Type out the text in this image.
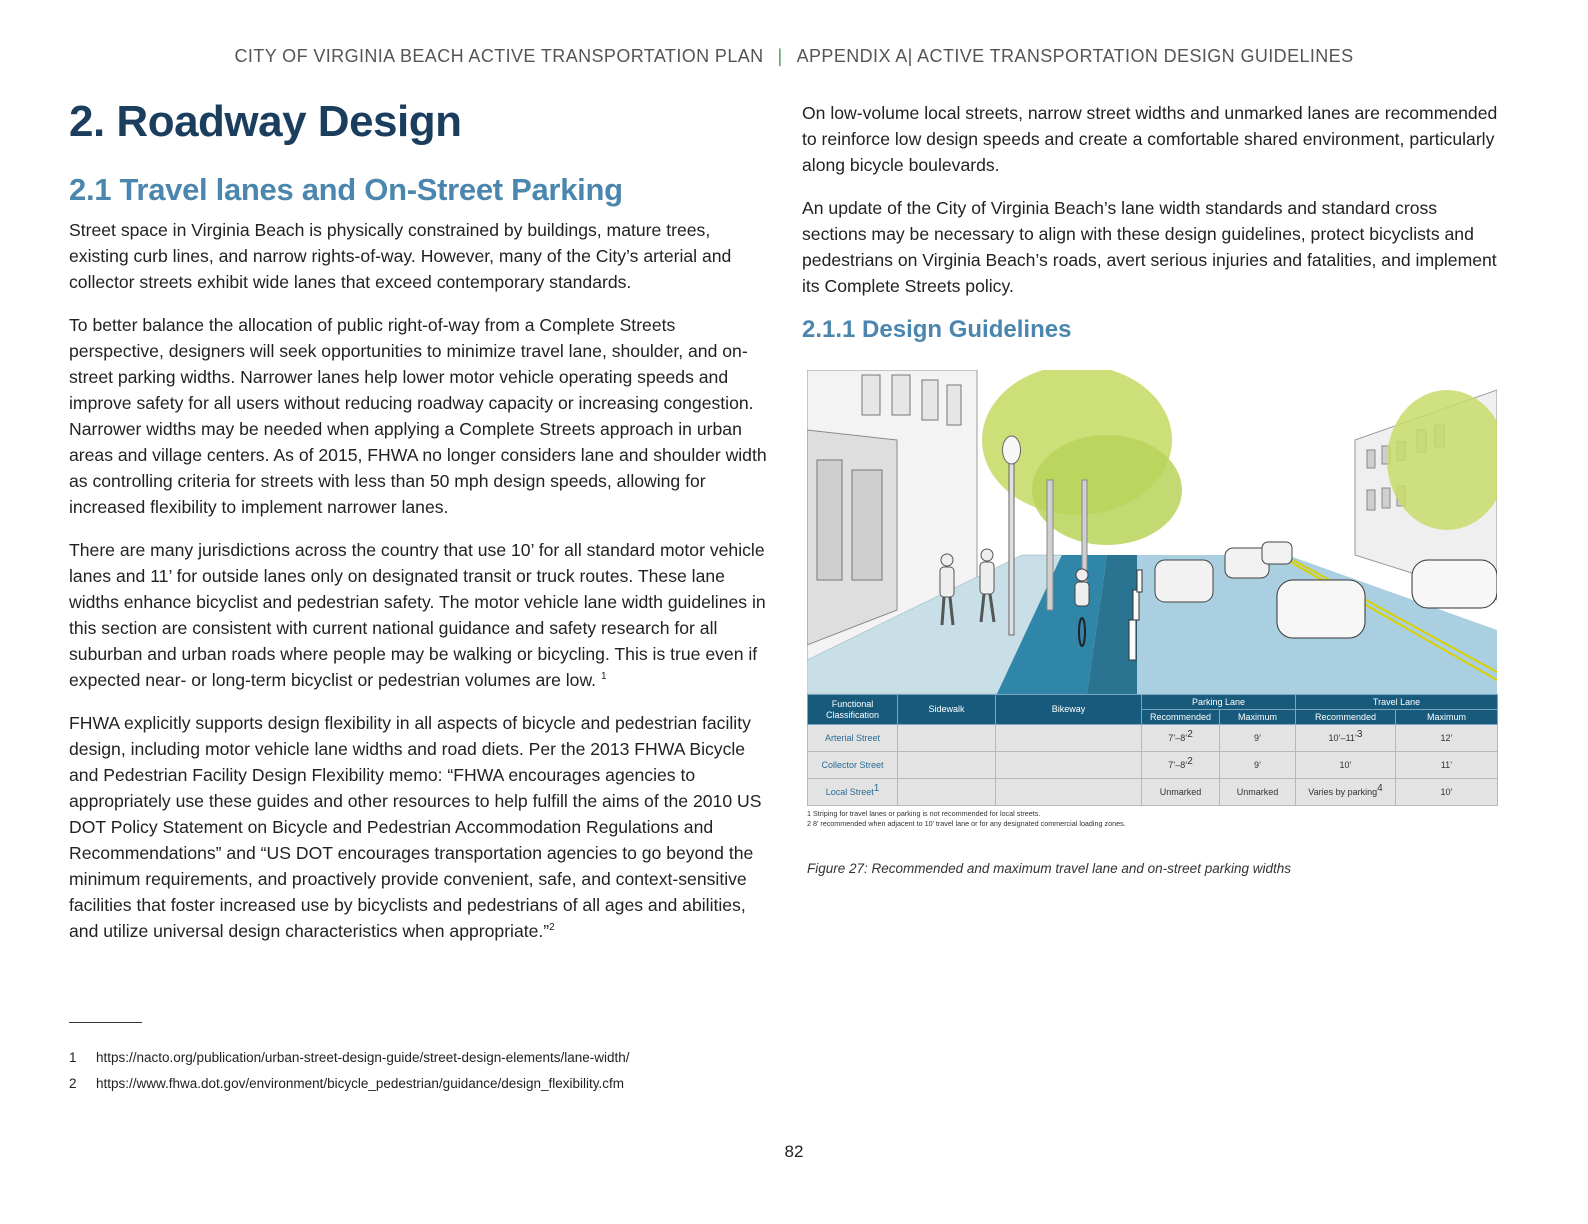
CITY OF VIRGINIA BEACH ACTIVE TRANSPORTATION PLAN | APPENDIX A| ACTIVE TRANSPORTATION DESIGN GUIDELINES
2. Roadway Design
2.1 Travel lanes and On-Street Parking

Street space in Virginia Beach is physically constrained by buildings, mature trees, existing curb lines, and narrow rights-of-way. However, many of the City’s arterial and collector streets exhibit wide lanes that exceed contemporary standards.

To better balance the allocation of public right-of-way from a Complete Streets perspective, designers will seek opportunities to minimize travel lane, shoulder, and on-street parking widths. Narrower lanes help lower motor vehicle operating speeds and improve safety for all users without reducing roadway capacity or increasing congestion. Narrower widths may be needed when applying a Complete Streets approach in urban areas and village centers. As of 2015, FHWA no longer considers lane and shoulder width as controlling criteria for streets with less than 50 mph design speeds, allowing for increased flexibility to implement narrower lanes.

There are many jurisdictions across the country that use 10’ for all standard motor vehicle lanes and 11’ for outside lanes only on designated transit or truck routes. These lane widths enhance bicyclist and pedestrian safety. The motor vehicle lane width guidelines in this section are consistent with current national guidance and safety research for all suburban and urban roads where people may be walking or bicycling. This is true even if expected near- or long-term bicyclist or pedestrian volumes are low. $^1$

FHWA explicitly supports design flexibility in all aspects of bicycle and pedestrian facility design, including motor vehicle lane widths and road diets. Per the 2013 FHWA Bicycle and Pedestrian Facility Design Flexibility memo: “FHWA encourages agencies to appropriately use these guides and other resources to help fulfill the aims of the 2010 US DOT Policy Statement on Bicycle and Pedestrian Accommodation Regulations and Recommendations” and “US DOT encourages transportation agencies to go beyond the minimum requirements, and proactively provide convenient, safe, and context-sensitive facilities that foster increased use by bicyclists and pedestrians of all ages and abilities, and utilize universal design characteristics when appropriate.”$^2$

1	https://nacto.org/publication/urban-street-design-guide/street-design-elements/lane-width/
2	https://www.fhwa.dot.gov/environment/bicycle_pedestrian/guidance/design_flexibility.cfm

On low-volume local streets, narrow street widths and unmarked lanes are recommended to reinforce low design speeds and create a comfortable shared environment, particularly along bicycle boulevards.

An update of the City of Virginia Beach’s lane width standards and standard cross sections may be necessary to align with these design guidelines, protect bicyclists and pedestrians on Virginia Beach’s roads, avert serious injuries and fatalities, and implement its Complete Streets policy.

2.1.1 Design Guidelines
Functional Classification	Sidewalk	Bikeway	Parking Lane		Travel Lane	
			Recommended	Maximum	Recommended	Maximum
Arterial Street			7’–8’$^2$	9’	10’–11’$^3$	12’
Collector Street			7’–8’$^2$	9’	10’	11’
Local Street$^1$			Unmarked	Unmarked	Varies by parking$^4$	10’
1 Striping for travel lanes or parking is not recommended for local streets.
2 8’ recommended when adjacent to 10’ travel lane or for any designated commercial loading zones.
Figure 27: Recommended and maximum travel lane and on-street parking widths
82
